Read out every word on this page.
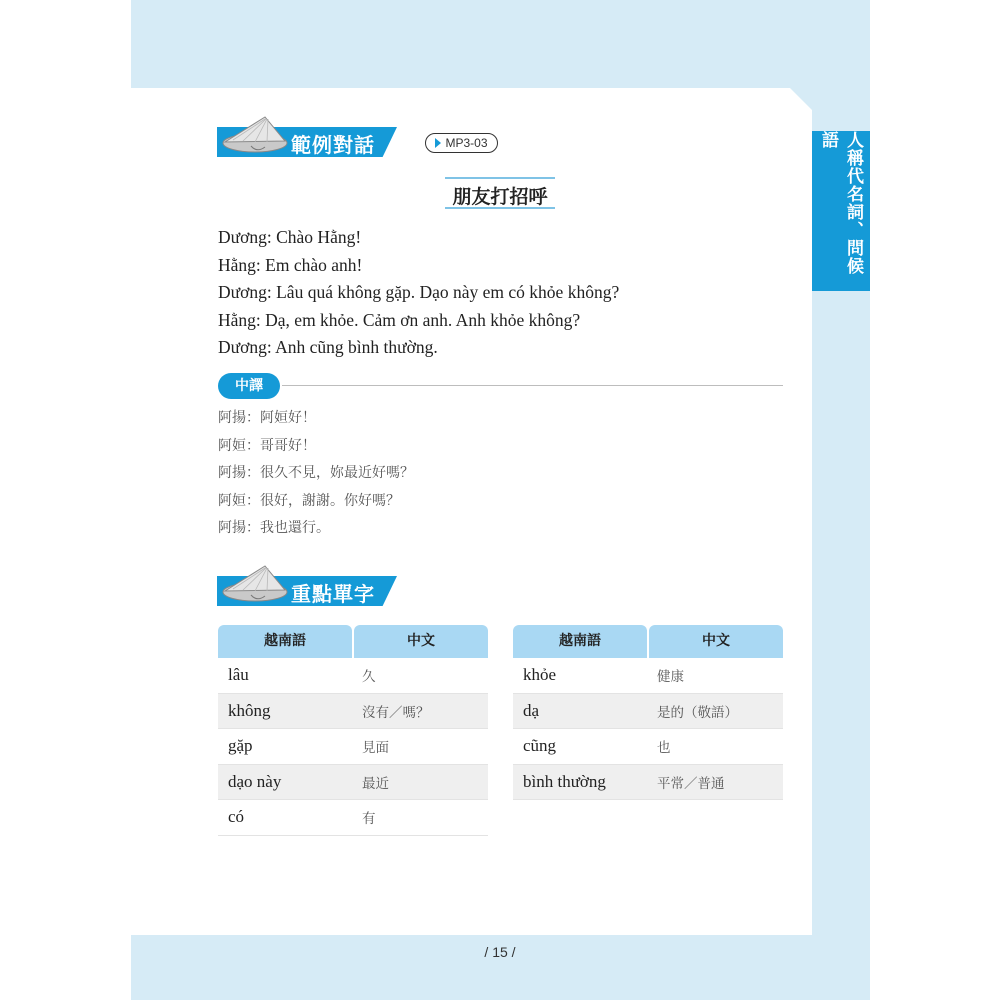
人稱代名詞、問候語
範例對話	MP3-03
朋友打招呼
Dương: Chào Hằng!
Hằng: Em chào anh!
Dương: Lâu quá không gặp. Dạo này em có khỏe không?
Hằng: Dạ, em khỏe. Cảm ơn anh. Anh khỏe không?
Dương: Anh cũng bình thường.
中譯
阿揚：阿姮好！
阿姮：哥哥好！
阿揚：很久不見，妳最近好嗎？
阿姮：很好，謝謝。你好嗎？
阿揚：我也還行。
重點單字
越南語	中文
lâu	久
không	沒有／嗎？
gặp	見面
dạo này	最近
có	有
越南語	中文
khỏe	健康
dạ	是的（敬語）
cũng	也
bình thường	平常／普通
/ 15 /
